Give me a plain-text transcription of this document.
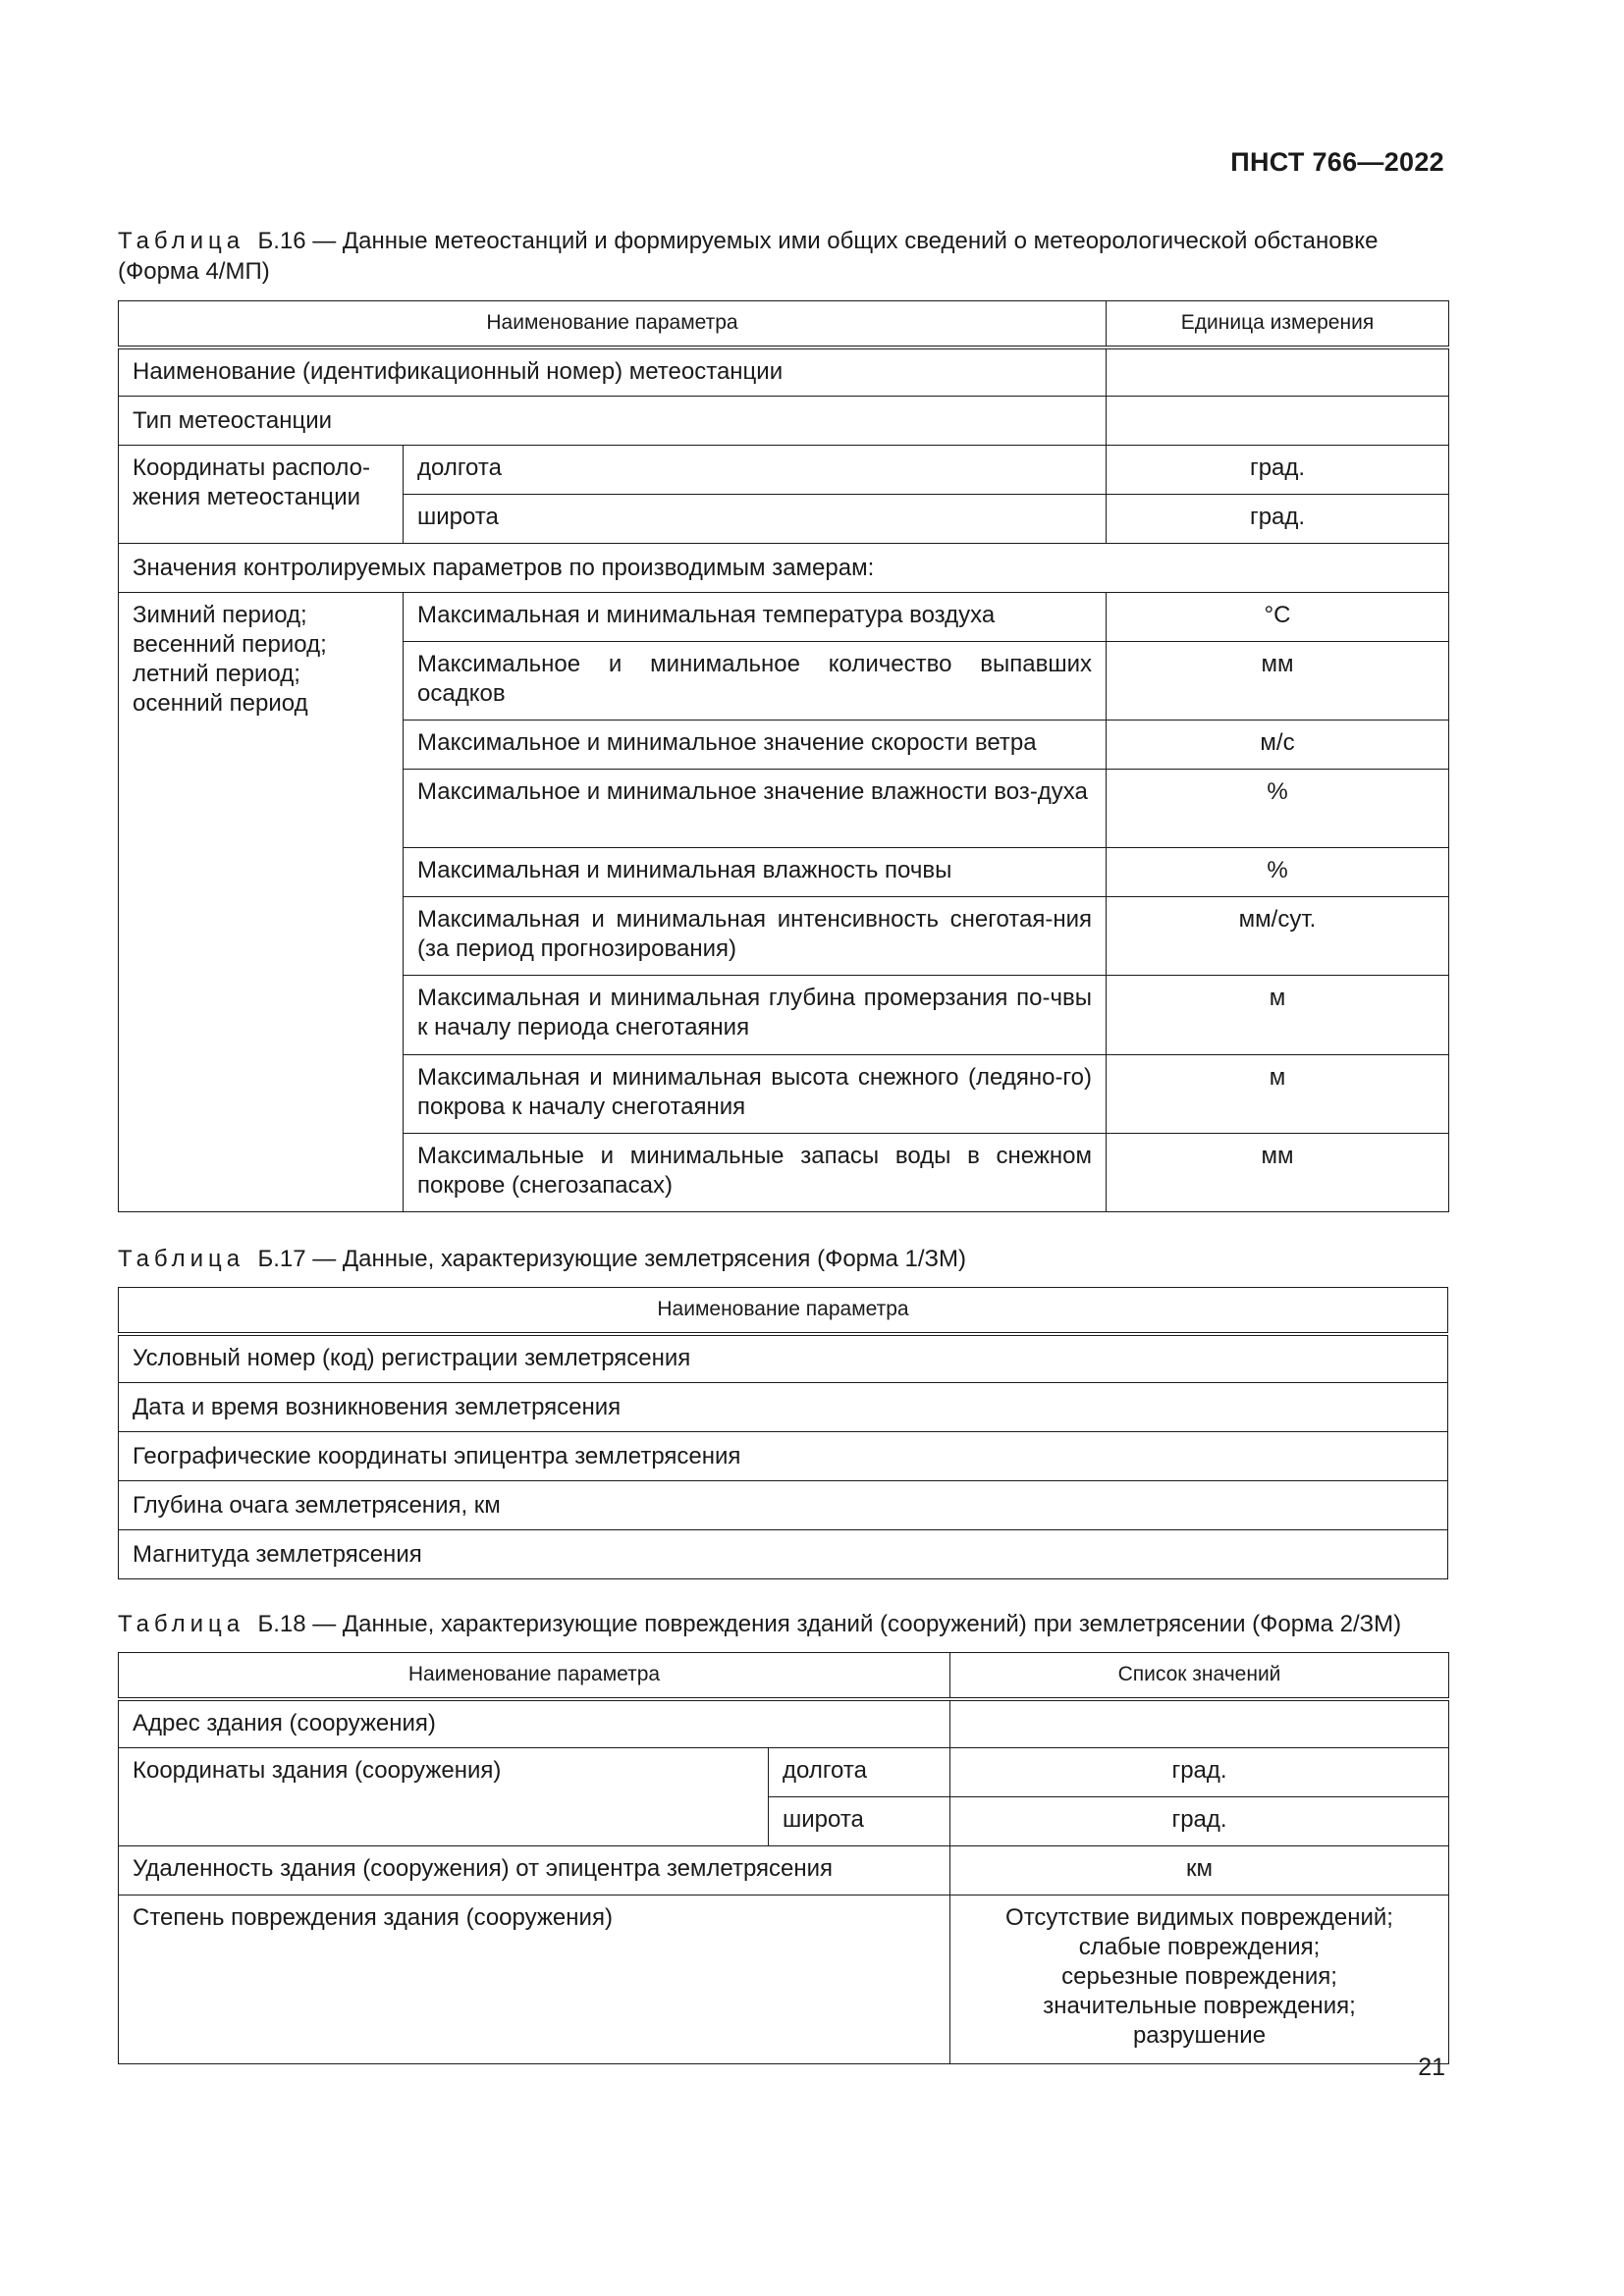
ПНСТ 766—2022
Таблица Б.16 — Данные метеостанций и формируемых ими общих сведений о метеорологической обстановке (Форма 4/МП)
Наименование параметра		Единица измерения
Наименование (идентификационный номер) метеостанции		
Тип метеостанции		
Координаты располо-жения метеостанции	долгота	град.
	широта	град.
Значения контролируемых параметров по производимым замерам:		
Зимний период; весенний период; летний период; осенний период	Максимальная и минимальная температура воздуха	°С
	Максимальное и минимальное количество выпавших осадков	мм
	Максимальное и минимальное значение скорости ветра	м/с
	Максимальное и минимальное значение влажности воз-духа	%
	Максимальная и минимальная влажность почвы	%
	Максимальная и минимальная интенсивность снеготая-ния (за период прогнозирования)	мм/сут.
	Максимальная и минимальная глубина промерзания по-чвы к началу периода снеготаяния	м
	Максимальная и минимальная высота снежного (ледяно-го) покрова к началу снеготаяния	м
	Максимальные и минимальные запасы воды в снежном покрове (снегозапасах)	мм
Таблица Б.17 — Данные, характеризующие землетрясения (Форма 1/ЗМ)
Наименование параметра
Условный номер (код) регистрации землетрясения
Дата и время возникновения землетрясения
Географические координаты эпицентра землетрясения
Глубина очага землетрясения, км
Магнитуда землетрясения
Таблица Б.18 — Данные, характеризующие повреждения зданий (сооружений) при землетрясении (Форма 2/ЗМ)
Наименование параметра		Список значений
Адрес здания (сооружения)		
Координаты здания (сооружения)	долгота	град.
	широта	град.
Удаленность здания (сооружения) от эпицентра землетрясения		км
Степень повреждения здания (сооружения)		Отсутствие видимых повреждений;
слабые повреждения;
серьезные повреждения;
значительные повреждения;
разрушение
21
